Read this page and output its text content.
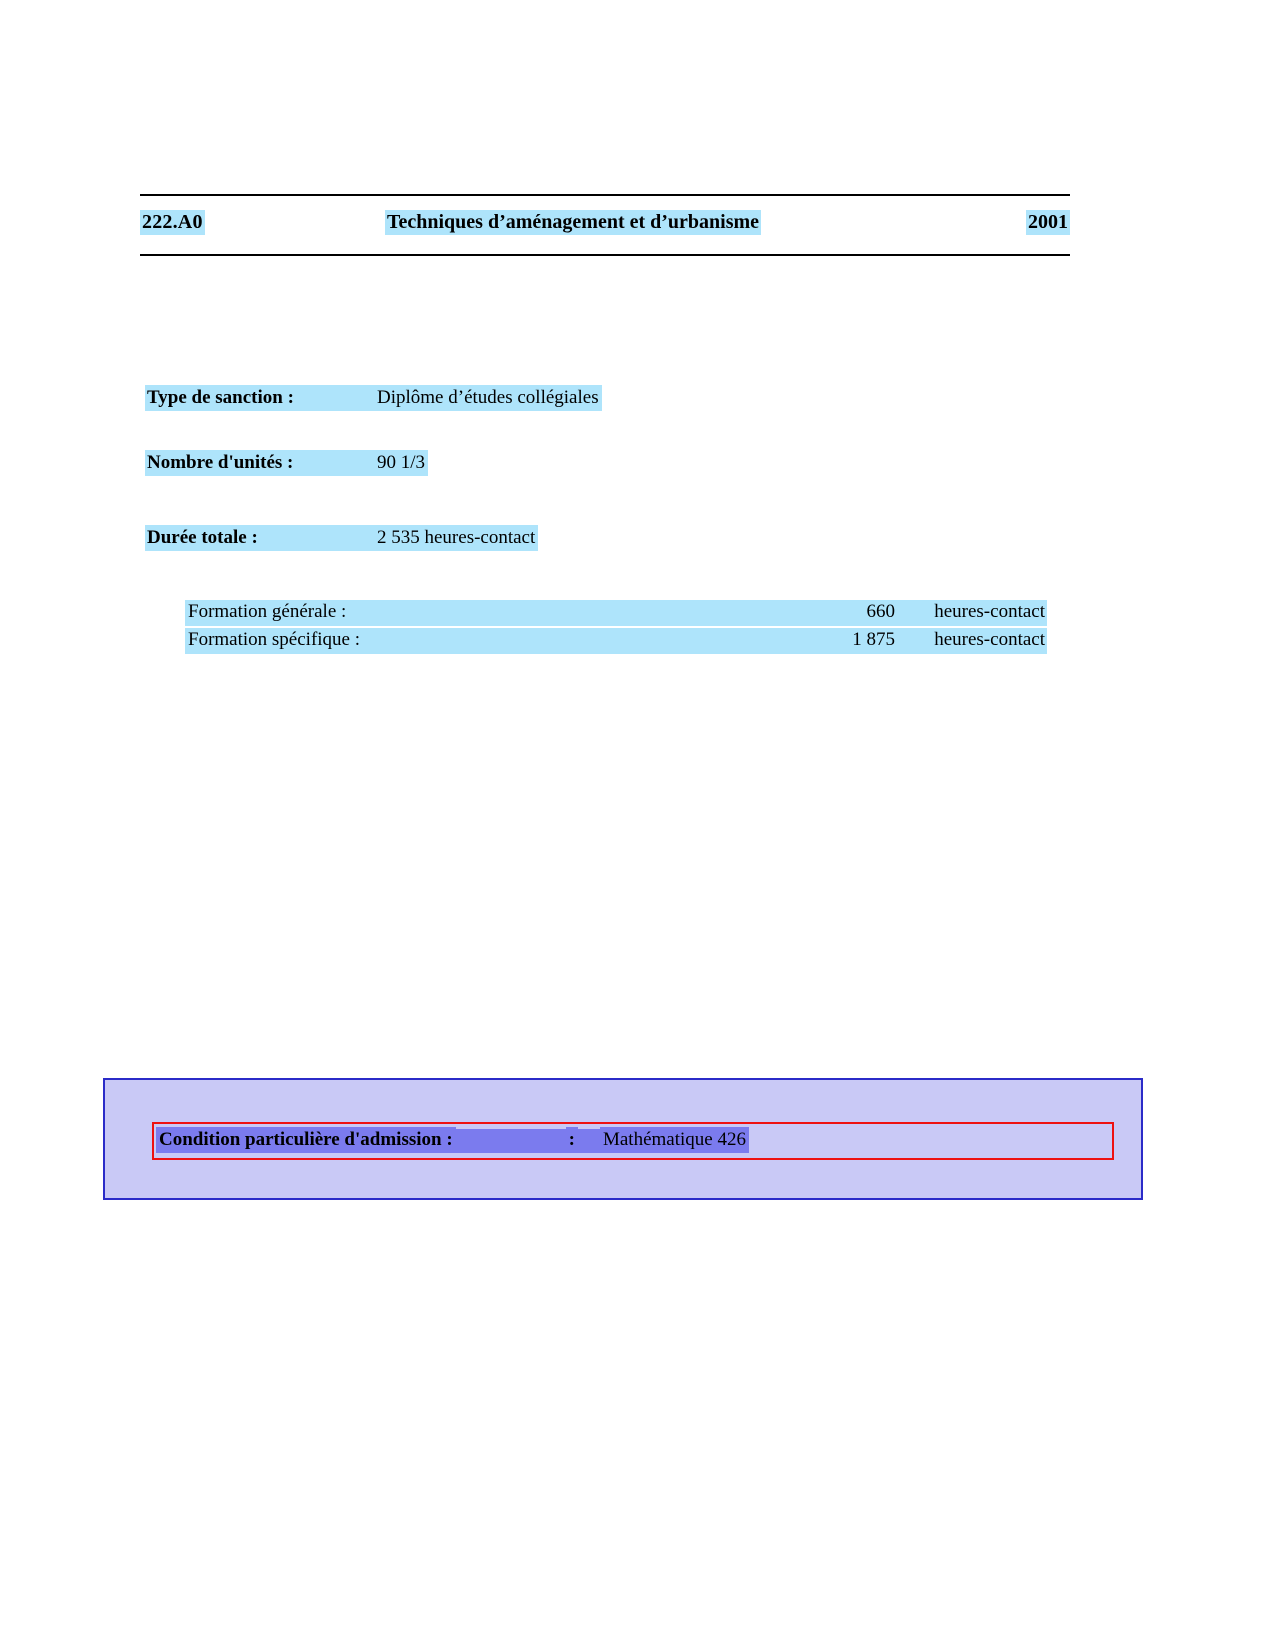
222.A0	Techniques d’aménagement et d’urbanisme	2001
Type de sanction :	Diplôme d’études collégiales
Nombre d'unités :	90 1/3
Durée totale :	2 535 heures-contact
Formation générale :	660 heures-contact
Formation spécifique :	1 875 heures-contact
Condition particulière d'admission :	: Mathématique 426
